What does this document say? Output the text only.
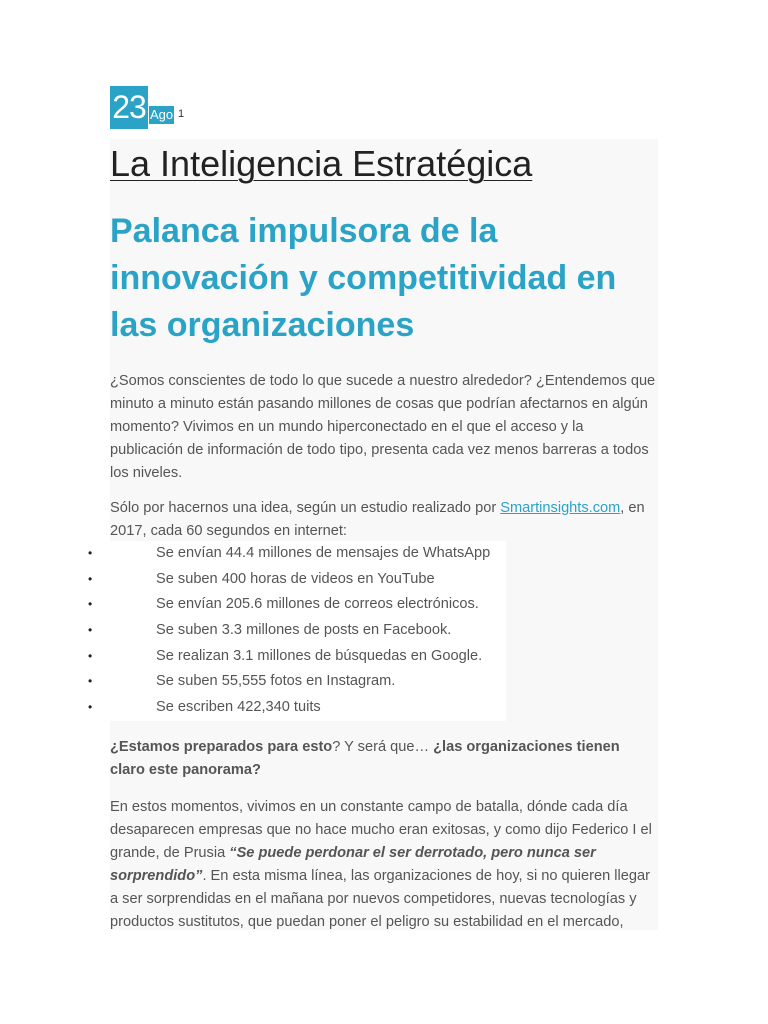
23 Ago 1
La Inteligencia Estratégica
Palanca impulsora de la innovación y competitividad en las organizaciones

¿Somos conscientes de todo lo que sucede a nuestro alrededor? ¿Entendemos que minuto a minuto están pasando millones de cosas que podrían afectarnos en algún momento? Vivimos en un mundo hiperconectado en el que el acceso y la publicación de información de todo tipo, presenta cada vez menos barreras a todos los niveles.

Sólo por hacernos una idea, según un estudio realizado por Smartinsights.com, en 2017, cada 60 segundos en internet:

•	Se envían 44.4 millones de mensajes de WhatsApp
•	Se suben 400 horas de videos en YouTube
•	Se envían 205.6 millones de correos electrónicos.
•	Se suben 3.3 millones de posts en Facebook.
•	Se realizan 3.1 millones de búsquedas en Google.
•	Se suben 55,555 fotos en Instagram.
•	Se escriben 422,340 tuits

¿Estamos preparados para esto? Y será que… ¿las organizaciones tienen claro este panorama?

En estos momentos, vivimos en un constante campo de batalla, dónde cada día desaparecen empresas que no hace mucho eran exitosas, y como dijo Federico I el grande, de Prusia “Se puede perdonar el ser derrotado, pero nunca ser sorprendido”. En esta misma línea, las organizaciones de hoy, si no quieren llegar a ser sorprendidas en el mañana por nuevos competidores, nuevas tecnologías y productos sustitutos, que puedan poner el peligro su estabilidad en el mercado,
